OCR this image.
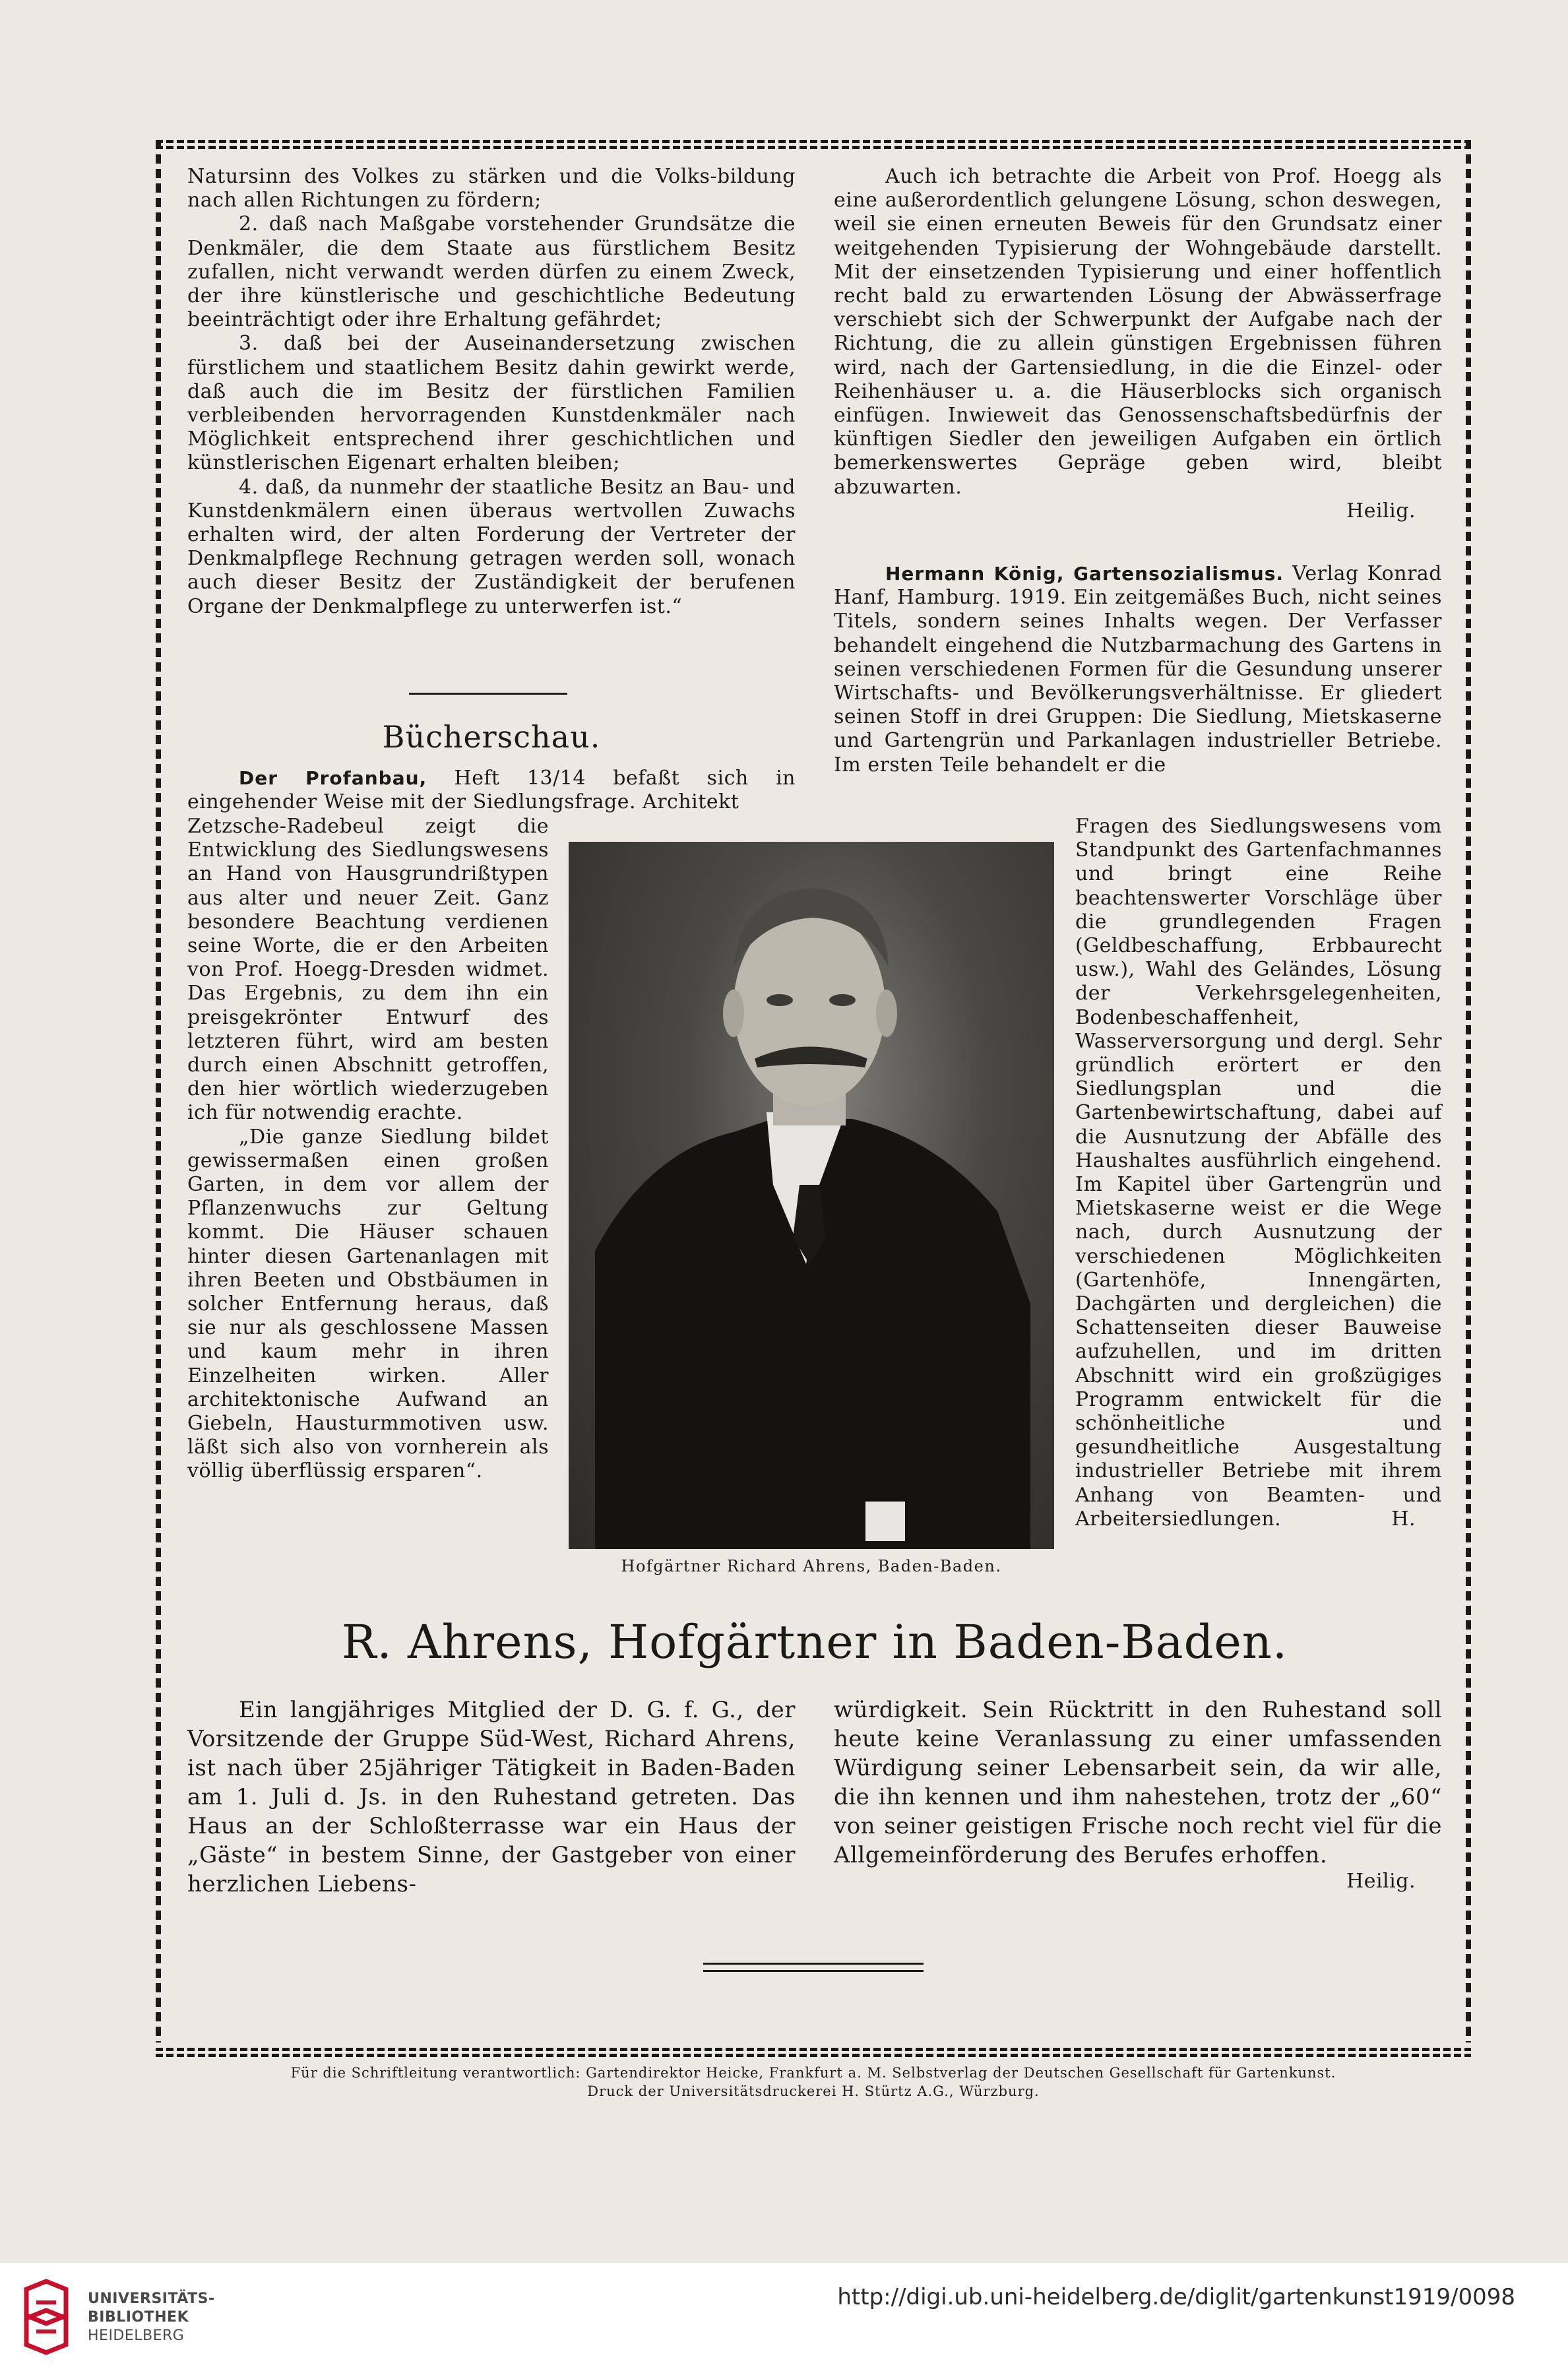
Natursinn des Volkes zu stärken und die Volks-bildung nach allen Richtungen zu fördern;

2. daß nach Maßgabe vorstehender Grundsätze die Denkmäler, die dem Staate aus fürstlichem Besitz zufallen, nicht verwandt werden dürfen zu einem Zweck, der ihre künstlerische und geschichtliche Bedeutung beeinträchtigt oder ihre Erhaltung gefährdet;

3. daß bei der Auseinandersetzung zwischen fürstlichem und staatlichem Besitz dahin gewirkt werde, daß auch die im Besitz der fürstlichen Familien verbleibenden hervorragenden Kunstdenkmäler nach Möglichkeit entsprechend ihrer geschichtlichen und künstlerischen Eigenart erhalten bleiben;

4. daß, da nunmehr der staatliche Besitz an Bau- und Kunstdenkmälern einen überaus wertvollen Zuwachs erhalten wird, der alten Forderung der Vertreter der Denkmalpflege Rechnung getragen werden soll, wonach auch dieser Besitz der Zuständigkeit der berufenen Organe der Denkmalpflege zu unterwerfen ist.“

Bücherschau.

Der Profanbau, Heft 13/14 befaßt sich in eingehender Weise mit der Siedlungsfrage. Architekt

Zetzsche-Radebeul zeigt die Entwicklung des Siedlungswesens an Hand von Hausgrundrißtypen aus alter und neuer Zeit. Ganz besondere Beachtung verdienen seine Worte, die er den Arbeiten von Prof. Hoegg-Dresden widmet. Das Ergebnis, zu dem ihn ein preisgekrönter Entwurf des letzteren führt, wird am besten durch einen Abschnitt getroffen, den hier wörtlich wiederzugeben ich für notwendig erachte.

„Die ganze Siedlung bildet gewissermaßen einen großen Garten, in dem vor allem der Pflanzenwuchs zur Geltung kommt. Die Häuser schauen hinter diesen Gartenanlagen mit ihren Beeten und Obstbäumen in solcher Entfernung heraus, daß sie nur als geschlossene Massen und kaum mehr in ihren Einzelheiten wirken. Aller architektonische Aufwand an Giebeln, Hausturmmotiven usw. läßt sich also von vornherein als völlig überflüssig ersparen“.

Auch ich betrachte die Arbeit von Prof. Hoegg als eine außerordentlich gelungene Lösung, schon deswegen, weil sie einen erneuten Beweis für den Grundsatz einer weitgehenden Typisierung der Wohngebäude darstellt. Mit der einsetzenden Typisierung und einer hoffentlich recht bald zu erwartenden Lösung der Abwässerfrage verschiebt sich der Schwerpunkt der Aufgabe nach der Richtung, die zu allein günstigen Ergebnissen führen wird, nach der Gartensiedlung, in die die Einzel- oder Reihenhäuser u. a. die Häuserblocks sich organisch einfügen. Inwieweit das Genossenschaftsbedürfnis der künftigen Siedler den jeweiligen Aufgaben ein örtlich bemerkenswertes Gepräge geben wird, bleibt abzuwarten.

Heilig.

Hermann König, Gartensozialismus. Verlag Konrad Hanf, Hamburg. 1919. Ein zeitgemäßes Buch, nicht seines Titels, sondern seines Inhalts wegen. Der Verfasser behandelt eingehend die Nutzbarmachung des Gartens in seinen verschiedenen Formen für die Gesundung unserer Wirtschafts- und Bevölkerungsverhältnisse. Er gliedert seinen Stoff in drei Gruppen: Die Siedlung, Mietskaserne und Gartengrün und Parkanlagen industrieller Betriebe. Im ersten Teile behandelt er die

Fragen des Siedlungswesens vom Standpunkt des Gartenfachmannes und bringt eine Reihe beachtenswerter Vorschläge über die grundlegenden Fragen (Geldbeschaffung, Erbbaurecht usw.), Wahl des Geländes, Lösung der Verkehrsgelegenheiten, Bodenbeschaffenheit, Wasserversorgung und dergl. Sehr gründlich erörtert er den Siedlungsplan und die Gartenbewirtschaftung, dabei auf die Ausnutzung der Abfälle des Haushaltes ausführlich eingehend. Im Kapitel über Gartengrün und Mietskaserne weist er die Wege nach, durch Ausnutzung der verschiedenen Möglichkeiten (Gartenhöfe, Innengärten, Dachgärten und dergleichen) die Schattenseiten dieser Bauweise aufzuhellen, und im dritten Abschnitt wird ein großzügiges Programm entwickelt für die schönheitliche und gesundheitliche Ausgestaltung industrieller Betriebe mit ihrem Anhang von Beamten- und Arbeitersiedlungen.	H.

Hofgärtner Richard Ahrens, Baden-Baden.
R. Ahrens, Hofgärtner in Baden-Baden.

Ein langjähriges Mitglied der D. G. f. G., der Vorsitzende der Gruppe Süd-West, Richard Ahrens, ist nach über 25jähriger Tätigkeit in Baden-Baden am 1. Juli d. Js. in den Ruhestand getreten. Das Haus an der Schloßterrasse war ein Haus der „Gäste“ in bestem Sinne, der Gastgeber von einer herzlichen Liebens-

würdigkeit. Sein Rücktritt in den Ruhestand soll heute keine Veranlassung zu einer umfassenden Würdigung seiner Lebensarbeit sein, da wir alle, die ihn kennen und ihm nahestehen, trotz der „60“ von seiner geistigen Frische noch recht viel für die Allgemeinförderung des Berufes erhoffen.

Heilig.

Für die Schriftleitung verantwortlich: Gartendirektor Heicke, Frankfurt a. M. Selbstverlag der Deutschen Gesellschaft für Gartenkunst.
Druck der Universitätsdruckerei H. Stürtz A.G., Würzburg.
UNIVERSITÄTS-
BIBLIOTHEK
HEIDELBERG
http://digi.ub.uni-heidelberg.de/diglit/gartenkunst1919/0098
